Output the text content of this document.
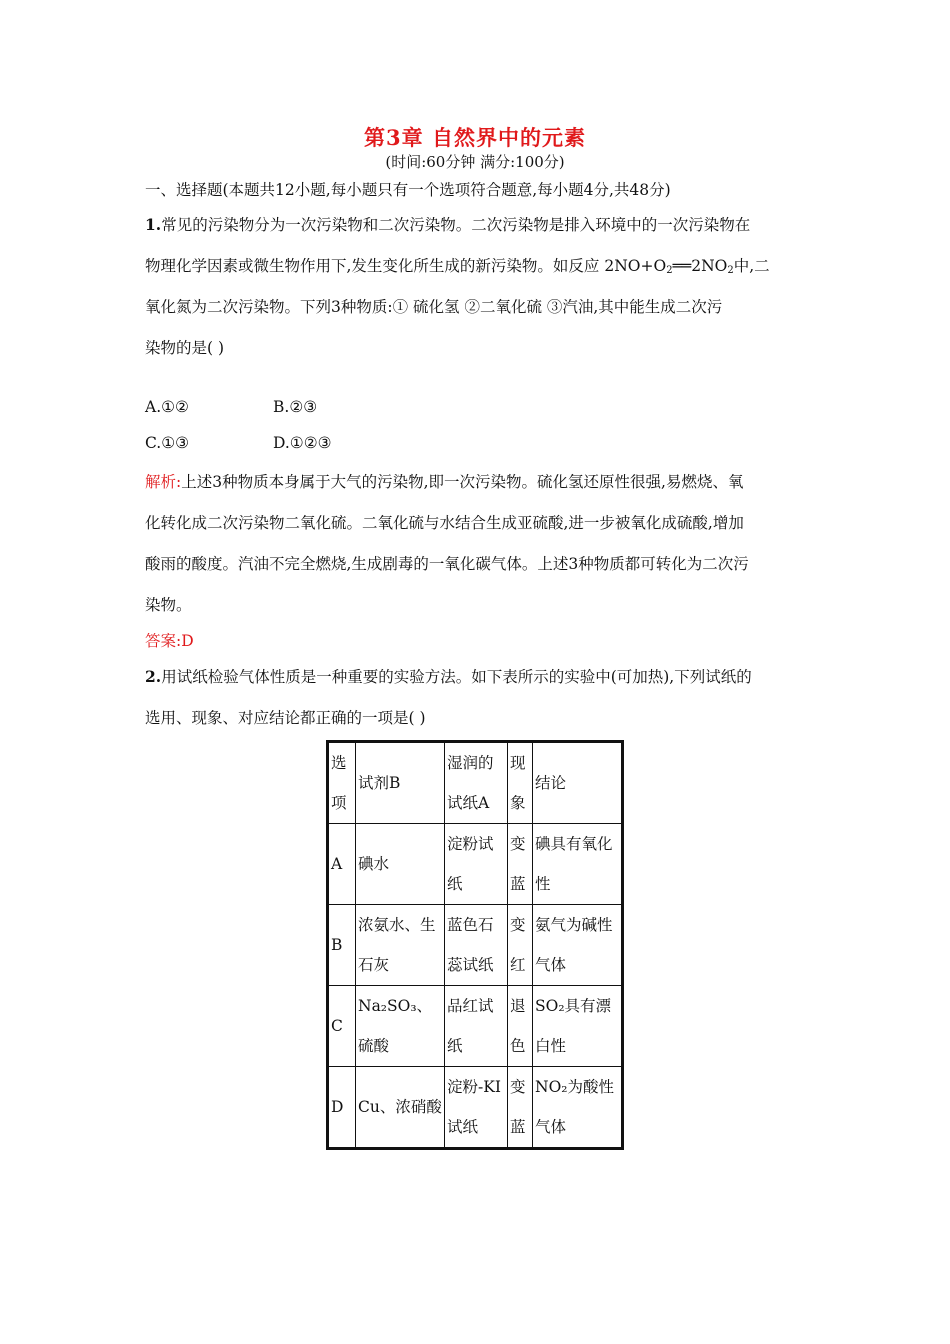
第3章 自然界中的元素
(时间:60分钟 满分:100分)
一、选择题(本题共12小题,每小题只有一个选项符合题意,每小题4分,共48分)
1.常见的污染物分为一次污染物和二次污染物。二次污染物是排入环境中的一次污染物在
物理化学因素或微生物作用下,发生变化所生成的新污染物。如反应 $2NO+O_2══2NO_2$中,二
氧化氮为二次污染物。下列3种物质:① 硫化氢 ②二氧化硫 ③汽油,其中能生成二次污
染物的是( )
A.①②	B.②③
C.①③	D.①②③
解析:上述3种物质本身属于大气的污染物,即一次污染物。硫化氢还原性很强,易燃烧、氧
化转化成二次污染物二氧化硫。二氧化硫与水结合生成亚硫酸,进一步被氧化成硫酸,增加
酸雨的酸度。汽油不完全燃烧,生成剧毒的一氧化碳气体。上述3种物质都可转化为二次污
染物。
答案:D
2.用试纸检验气体性质是一种重要的实验方法。如下表所示的实验中(可加热),下列试纸的
选用、现象、对应结论都正确的一项是( )
选项	试剂B	湿润的试纸A	现象	结论
A	碘水	淀粉试纸	变蓝	碘具有氧化性
B	浓氨水、生石灰	蓝色石蕊试纸	变红	氨气为碱性气体
C	Na₂SO₃、硫酸	品红试纸	退色	SO₂具有漂白性
D	Cu、浓硝酸	淀粉-KI试纸	变蓝	NO₂为酸性气体
